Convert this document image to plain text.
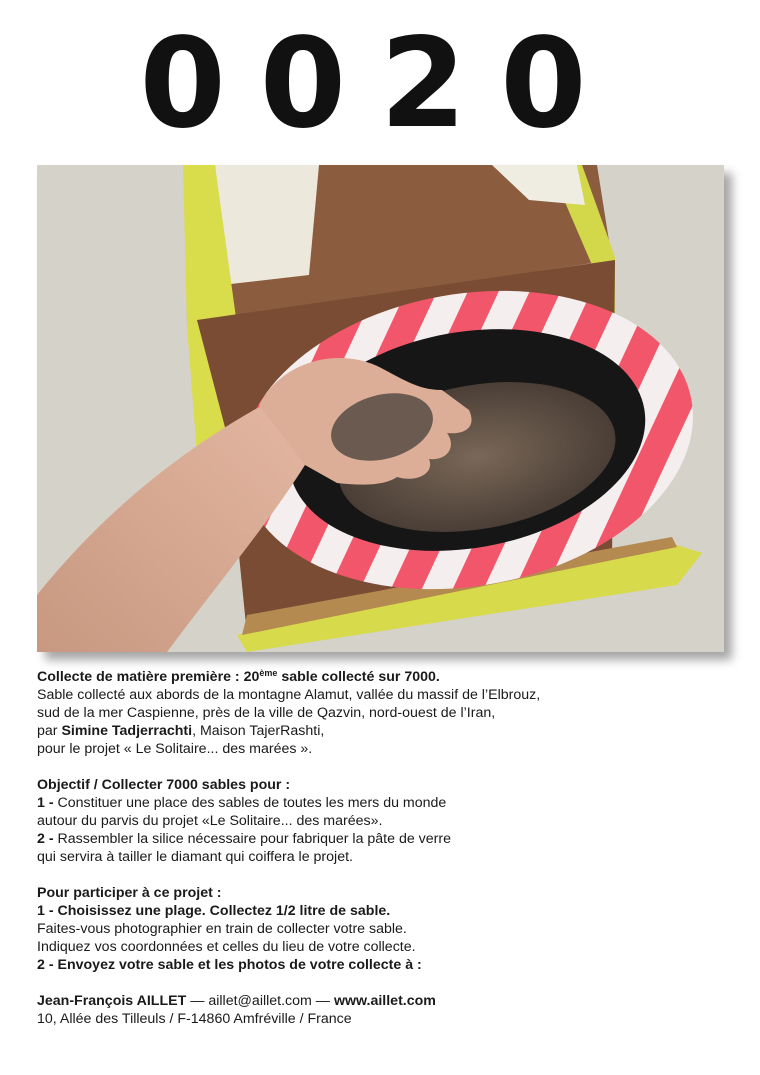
0020

Collecte de matière première : 20ème sable collecté sur 7000.

Sable collecté aux abords de la montagne Alamut, vallée du massif de l’Elbrouz,

sud de la mer Caspienne, près de la ville de Qazvin, nord-ouest de l’Iran,

par Simine Tadjerrachti, Maison TajerRashti,

pour le projet « Le Solitaire... des marées ».

Objectif / Collecter 7000 sables pour :

1 - Constituer une place des sables de toutes les mers du monde

autour du parvis du projet «Le Solitaire... des marées».

2 - Rassembler la silice nécessaire pour fabriquer la pâte de verre

qui servira à tailler le diamant qui coiffera le projet.

Pour participer à ce projet :

1 - Choisissez une plage. Collectez 1/2 litre de sable.

Faites-vous photographier en train de collecter votre sable.

Indiquez vos coordonnées et celles du lieu de votre collecte.

2 - Envoyez votre sable et les photos de votre collecte à :

Jean-François AILLET — aillet@aillet.com — www.aillet.com

10, Allée des Tilleuls / F-14860 Amfréville / France
